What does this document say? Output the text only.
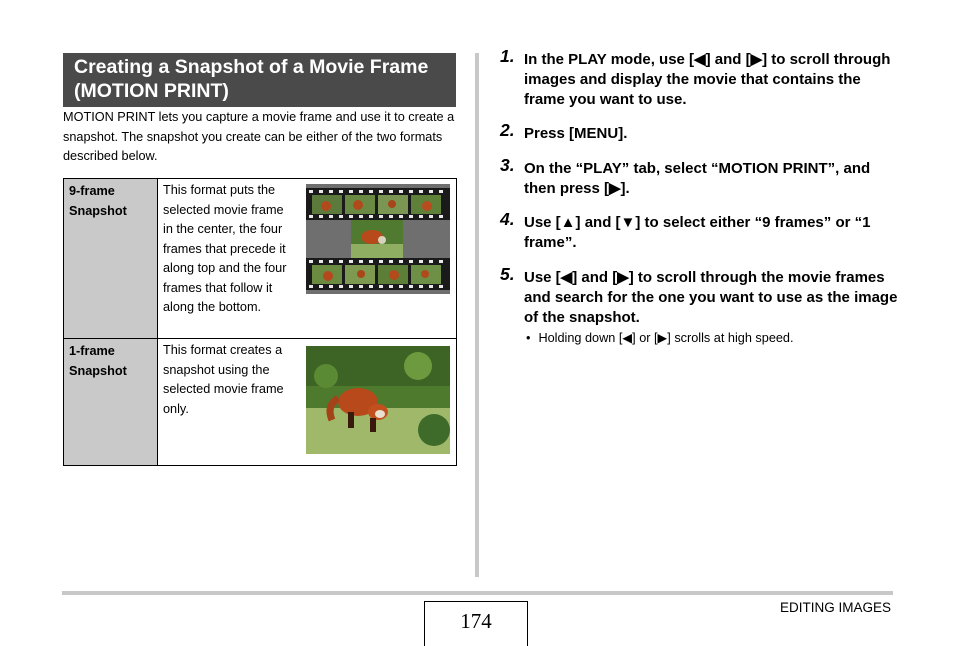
Creating a Snapshot of a Movie Frame
(MOTION PRINT)
MOTION PRINT lets you capture a movie frame and use it to create a snapshot. The snapshot you create can be either of the two formats described below.
9-frame
Snapshot	This format puts the selected movie frame in the center, the four frames that precede it along top and the four frames that follow it along the bottom.

1-frame
Snapshot	This format creates a snapshot using the selected movie frame only.
1. In the PLAY mode, use [◀] and [▶] to scroll through images and display the movie that contains the frame you want to use.
2. Press [MENU].
3. On the “PLAY” tab, select “MOTION PRINT”, and then press [▶].
4. Use [▲] and [▼] to select either “9 frames” or “1 frame”.
5. Use [◀] and [▶] to scroll through the movie frames and search for the one you want to use as the image of the snapshot.
• Holding down [◀] or [▶] scrolls at high speed.
EDITING IMAGES
174
